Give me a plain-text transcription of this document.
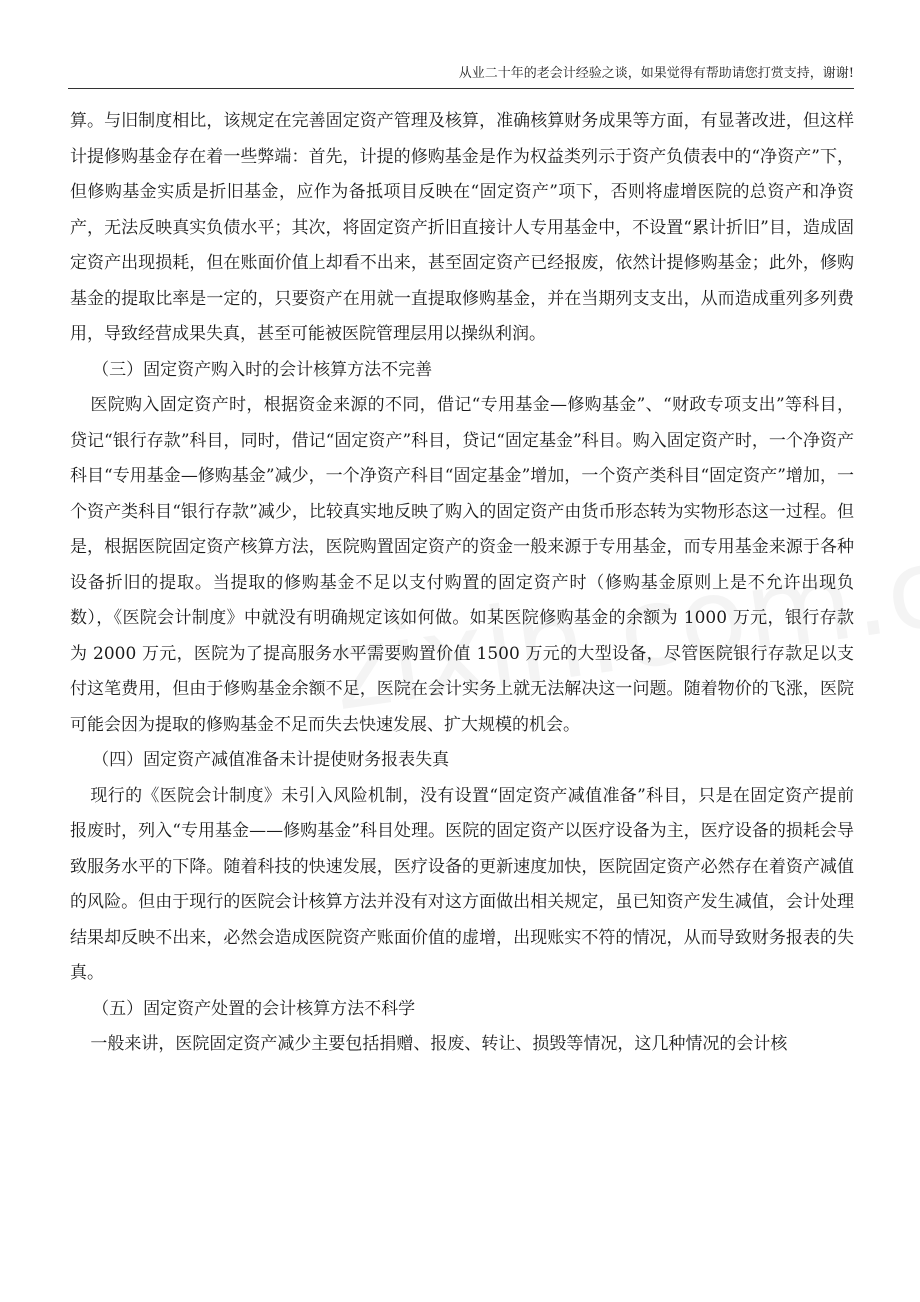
从业二十年的老会计经验之谈，如果觉得有帮助请您打赏支持，谢谢!

算。与旧制度相比，该规定在完善固定资产管理及核算，准确核算财务成果等方面，有显著改进，但这样计提修购基金存在着一些弊端：首先，计提的修购基金是作为权益类列示于资产负债表中的“净资产”下，但修购基金实质是折旧基金，应作为备抵项目反映在“固定资产”项下，否则将虚增医院的总资产和净资产，无法反映真实负债水平；其次，将固定资产折旧直接计人专用基金中，不设置“累计折旧”目，造成固定资产出现损耗，但在账面价值上却看不出来，甚至固定资产已经报废，依然计提修购基金；此外，修购基金的提取比率是一定的，只要资产在用就一直提取修购基金，并在当期列支支出，从而造成重列多列费用，导致经营成果失真，甚至可能被医院管理层用以操纵利润。

（三）固定资产购入时的会计核算方法不完善

医院购入固定资产时，根据资金来源的不同，借记“专用基金—修购基金”、“财政专项支出”等科目，贷记“银行存款”科目，同时，借记“固定资产”科目，贷记“固定基金”科目。购入固定资产时，一个净资产科目“专用基金—修购基金”减少，一个净资产科目“固定基金”增加，一个资产类科目“固定资产”增加，一个资产类科目“银行存款”减少，比较真实地反映了购入的固定资产由货币形态转为实物形态这一过程。但是，根据医院固定资产核算方法，医院购置固定资产的资金一般来源于专用基金，而专用基金来源于各种设备折旧的提取。当提取的修购基金不足以支付购置的固定资产时（修购基金原则上是不允许出现负数），《医院会计制度》中就没有明确规定该如何做。如某医院修购基金的余额为 1000 万元，银行存款为 2000 万元，医院为了提高服务水平需要购置价值 1500 万元的大型设备，尽管医院银行存款足以支付这笔费用，但由于修购基金余额不足，医院在会计实务上就无法解决这一问题。随着物价的飞涨，医院可能会因为提取的修购基金不足而失去快速发展、扩大规模的机会。

（四）固定资产减值准备未计提使财务报表失真

现行的《医院会计制度》未引入风险机制，没有设置“固定资产减值准备”科目，只是在固定资产提前报废时，列入“专用基金——修购基金”科目处理。医院的固定资产以医疗设备为主，医疗设备的损耗会导致服务水平的下降。随着科技的快速发展，医疗设备的更新速度加快，医院固定资产必然存在着资产减值的风险。但由于现行的医院会计核算方法并没有对这方面做出相关规定，虽已知资产发生减值，会计处理结果却反映不出来，必然会造成医院资产账面价值的虚增，出现账实不符的情况，从而导致财务报表的失真。

（五）固定资产处置的会计核算方法不科学

一般来讲，医院固定资产减少主要包括捐赠、报废、转让、损毁等情况，这几种情况的会计核
